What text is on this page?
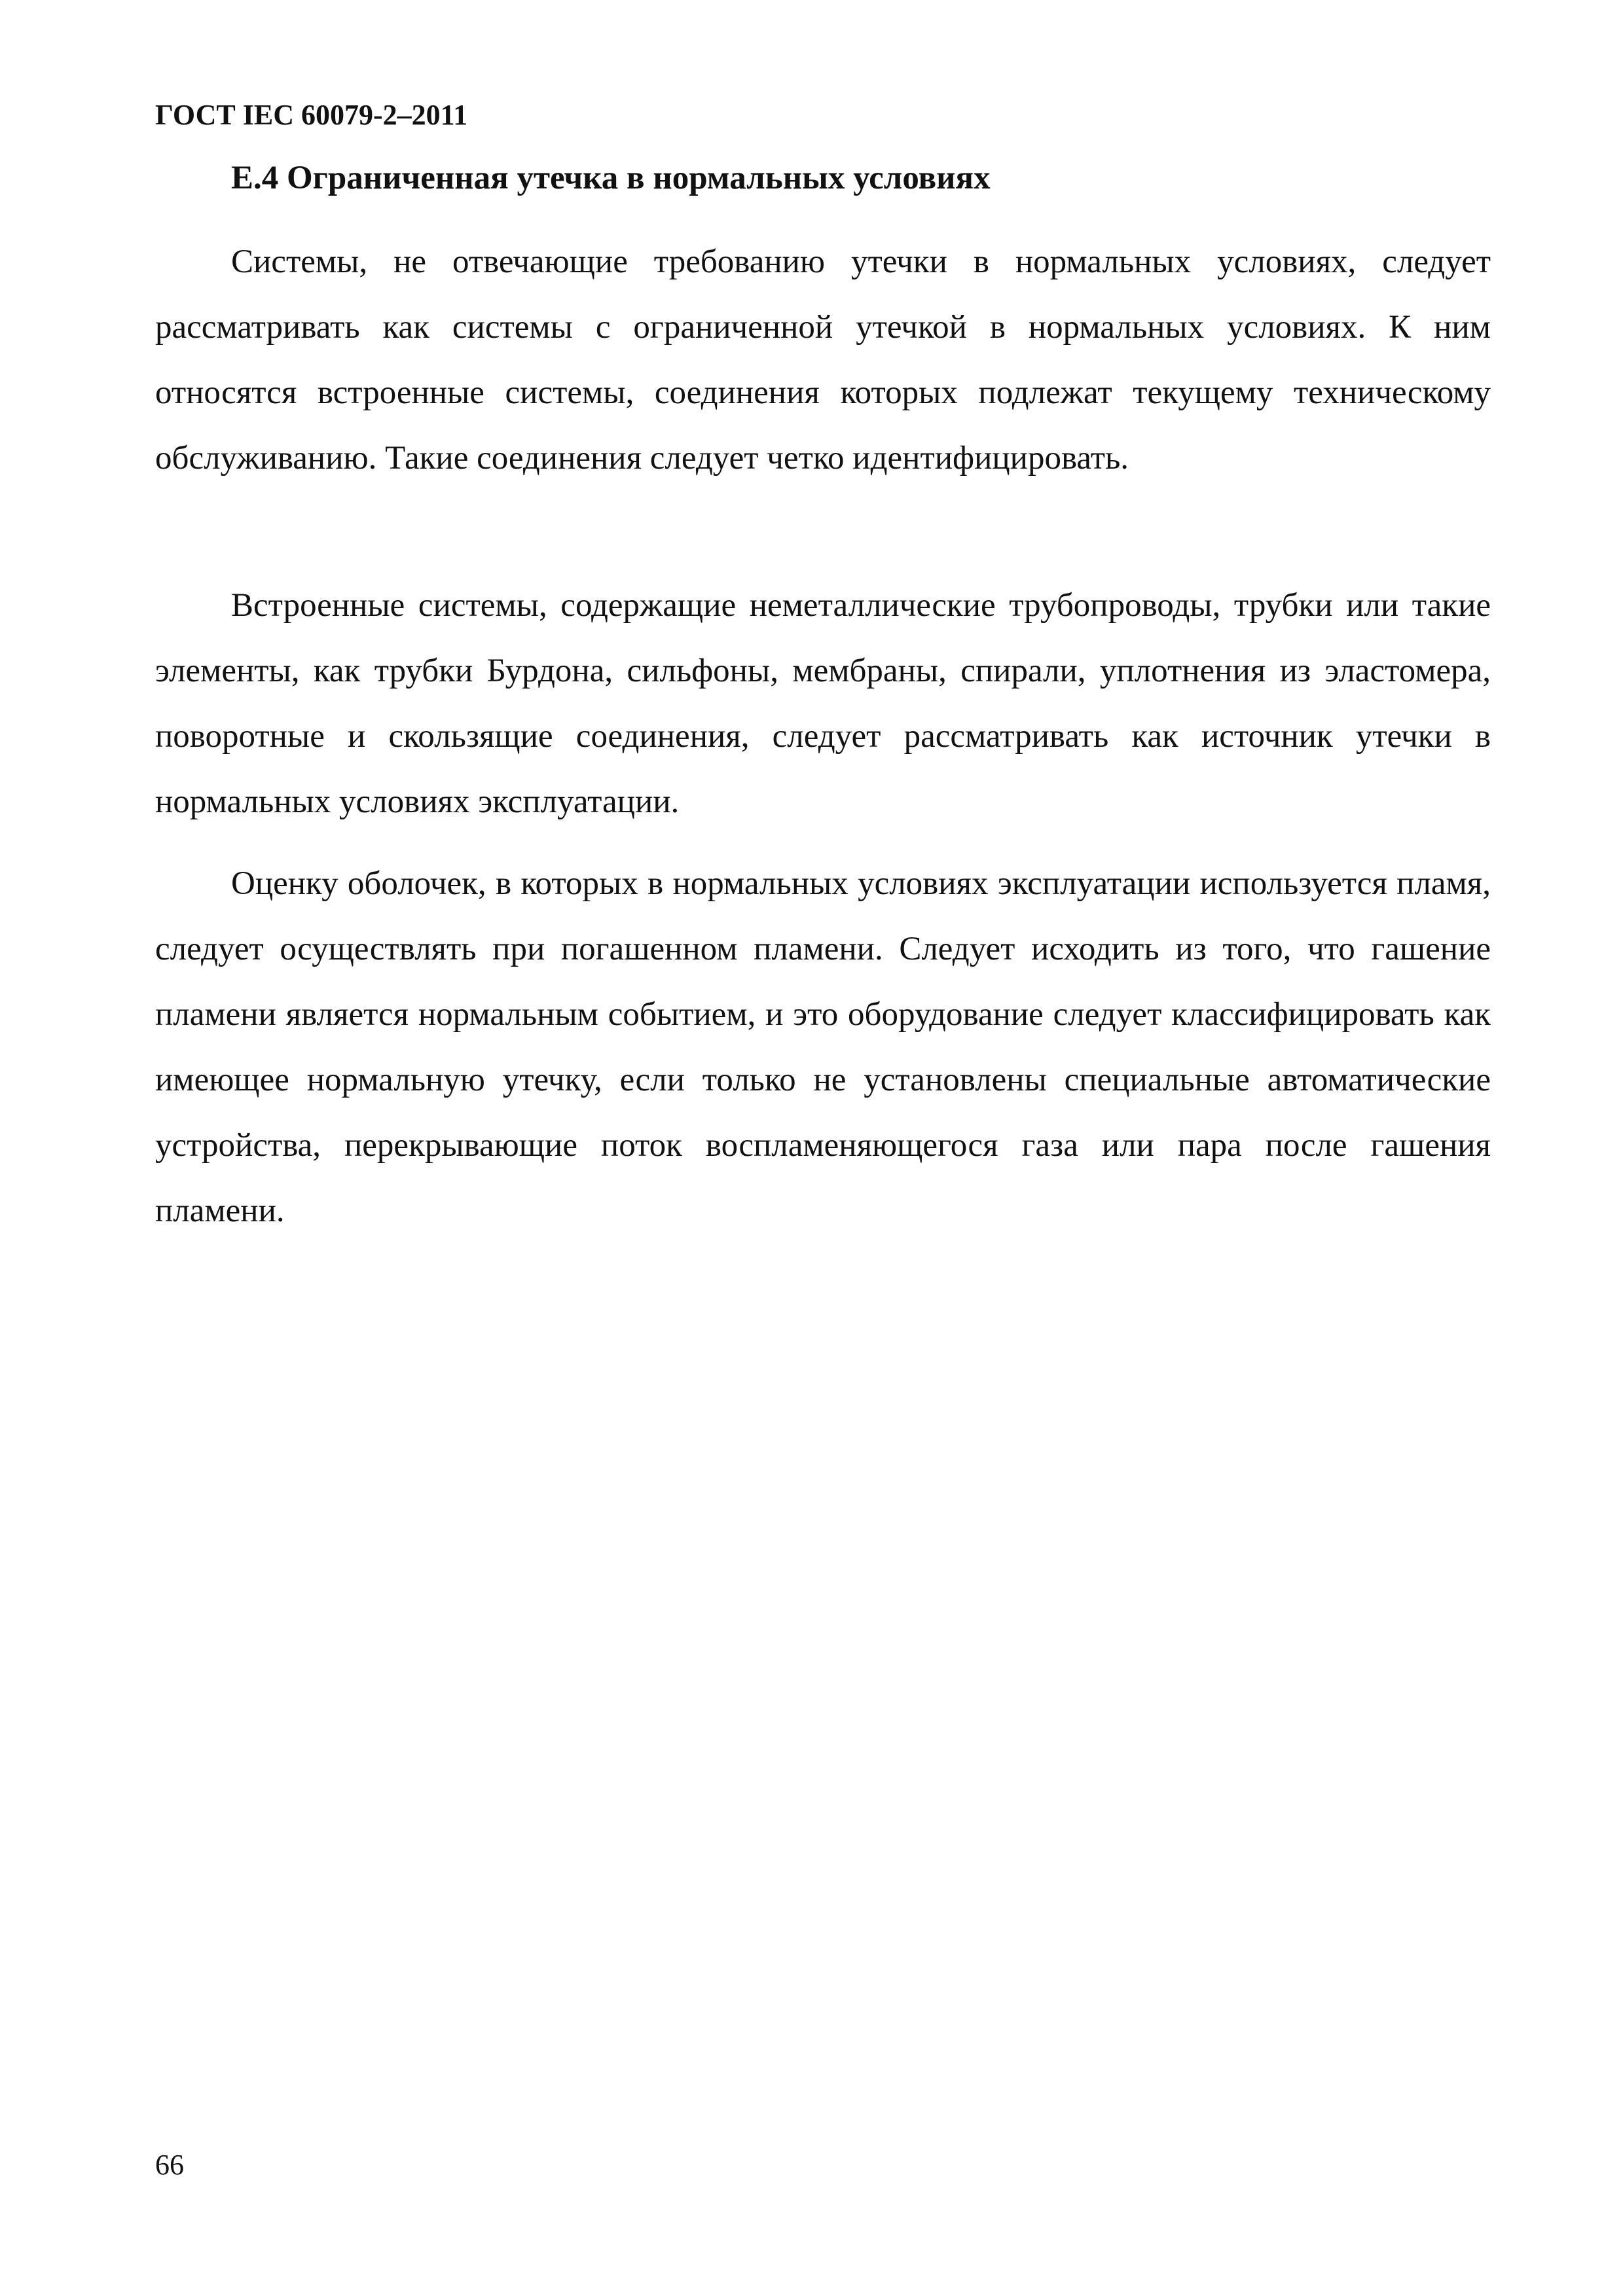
ГОСТ IEC 60079-2–2011
Е.4 Ограниченная утечка в нормальных условиях

Системы, не отвечающие требованию утечки в нормальных условиях, следует рассматривать как системы с ограниченной утечкой в нормальных условиях. К ним относятся встроенные системы, соединения которых подлежат текущему техническому обслуживанию. Такие соединения следует четко идентифицировать.

Встроенные системы, содержащие неметаллические трубопроводы, трубки или такие элементы, как трубки Бурдона, сильфоны, мембраны, спирали, уплотнения из эластомера, поворотные и скользящие соединения, следует рассматривать как источник утечки в нормальных условиях эксплуатации.

Оценку оболочек, в которых в нормальных условиях эксплуатации используется пламя, следует осуществлять при погашенном пламени. Следует исходить из того, что гашение пламени является нормальным событием, и это оборудование следует классифицировать как имеющее нормальную утечку, если только не установлены специальные автоматические устройства, перекрывающие поток воспламеняющегося газа или пара после гашения пламени.

66
